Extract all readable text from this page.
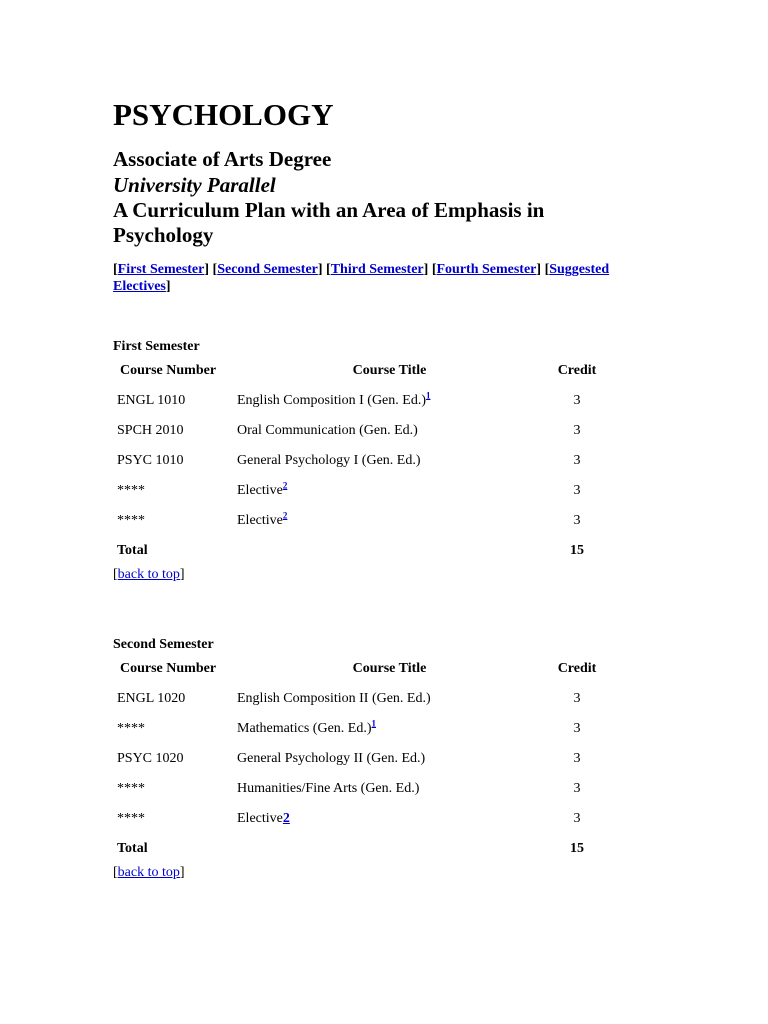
PSYCHOLOGY
Associate of Arts Degree
University Parallel
A Curriculum Plan with an Area of Emphasis in Psychology
[First Semester] [Second Semester] [Third Semester] [Fourth Semester] [Suggested Electives]

First Semester

Course Number	Course Title	Credit
ENGL 1010	English Composition I (Gen. Ed.)$^1$	3
SPCH 2010	Oral Communication (Gen. Ed.)	3
PSYC 1010	General Psychology I (Gen. Ed.)	3
****	Elective$^2$	3
****	Elective$^2$	3
Total		15
[back to top]

Second Semester

Course Number	Course Title	Credit
ENGL 1020	English Composition II (Gen. Ed.)	3
****	Mathematics (Gen. Ed.)$^1$	3
PSYC 1020	General Psychology II (Gen. Ed.)	3
****	Humanities/Fine Arts (Gen. Ed.)	3
****	Elective2	3
Total		15
[back to top]
